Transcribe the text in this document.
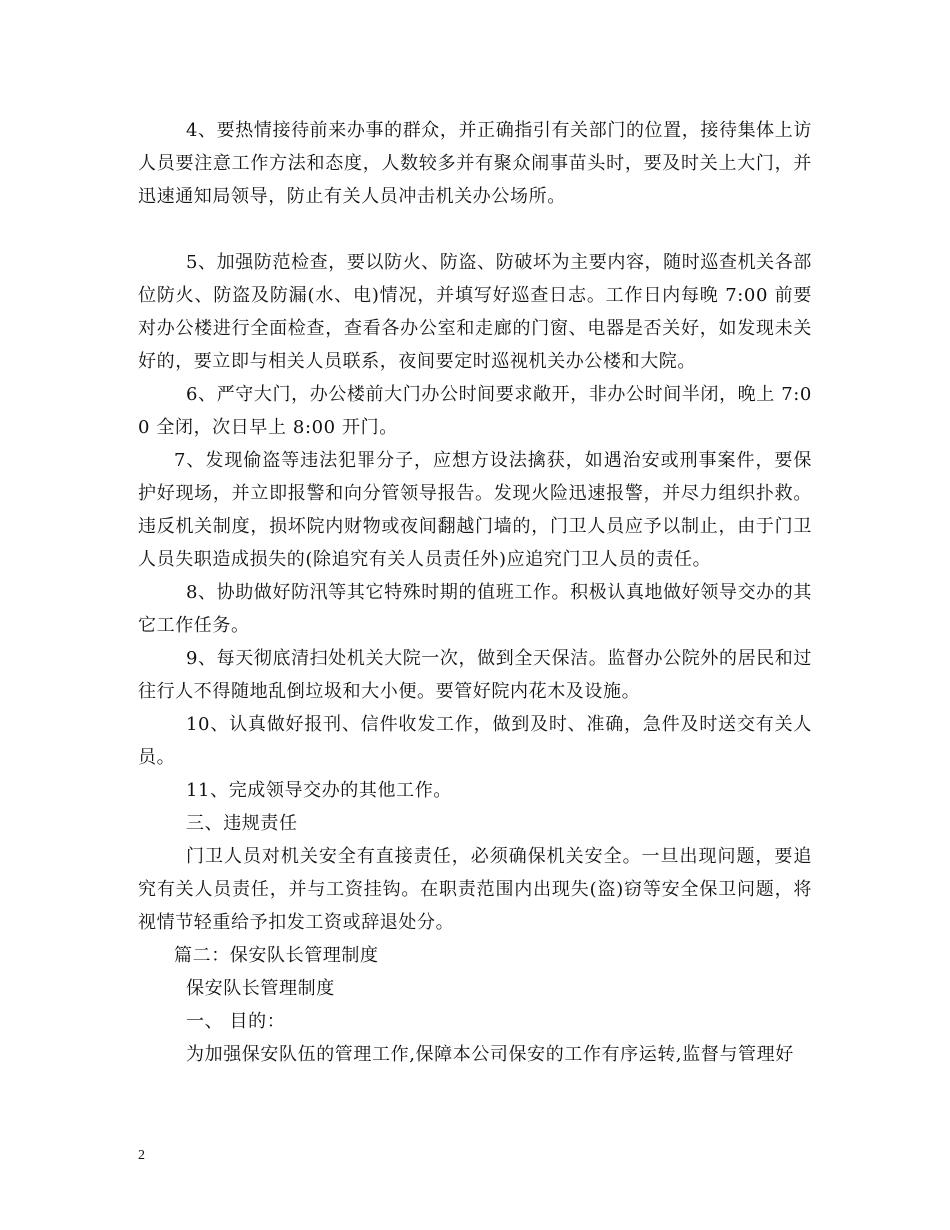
4、要热情接待前来办事的群众，并正确指引有关部门的位置，接待集体上访人员要注意工作方法和态度，人数较多并有聚众闹事苗头时，要及时关上大门，并迅速通知局领导，防止有关人员冲击机关办公场所。

5、加强防范检查，要以防火、防盗、防破坏为主要内容，随时巡查机关各部位防火、防盗及防漏(水、电)情况，并填写好巡查日志。工作日内每晚 7:00 前要对办公楼进行全面检查，查看各办公室和走廊的门窗、电器是否关好，如发现未关好的，要立即与相关人员联系，夜间要定时巡视机关办公楼和大院。

6、严守大门，办公楼前大门办公时间要求敞开，非办公时间半闭，晚上 7:00 全闭，次日早上 8:00 开门。

7、发现偷盗等违法犯罪分子，应想方设法擒获，如遇治安或刑事案件，要保护好现场，并立即报警和向分管领导报告。发现火险迅速报警，并尽力组织扑救。违反机关制度，损坏院内财物或夜间翻越门墙的，门卫人员应予以制止，由于门卫人员失职造成损失的(除追究有关人员责任外)应追究门卫人员的责任。

8、协助做好防汛等其它特殊时期的值班工作。积极认真地做好领导交办的其它工作任务。

9、每天彻底清扫处机关大院一次，做到全天保洁。监督办公院外的居民和过往行人不得随地乱倒垃圾和大小便。要管好院内花木及设施。

10、认真做好报刊、信件收发工作，做到及时、准确，急件及时送交有关人员。

11、完成领导交办的其他工作。

三、违规责任

门卫人员对机关安全有直接责任，必须确保机关安全。一旦出现问题，要追究有关人员责任，并与工资挂钩。在职责范围内出现失(盗)窃等安全保卫问题，将视情节轻重给予扣发工资或辞退处分。

篇二：保安队长管理制度

保安队长管理制度

一、 目的：

为加强保安队伍的管理工作,保障本公司保安的工作有序运转,监督与管理好

2
